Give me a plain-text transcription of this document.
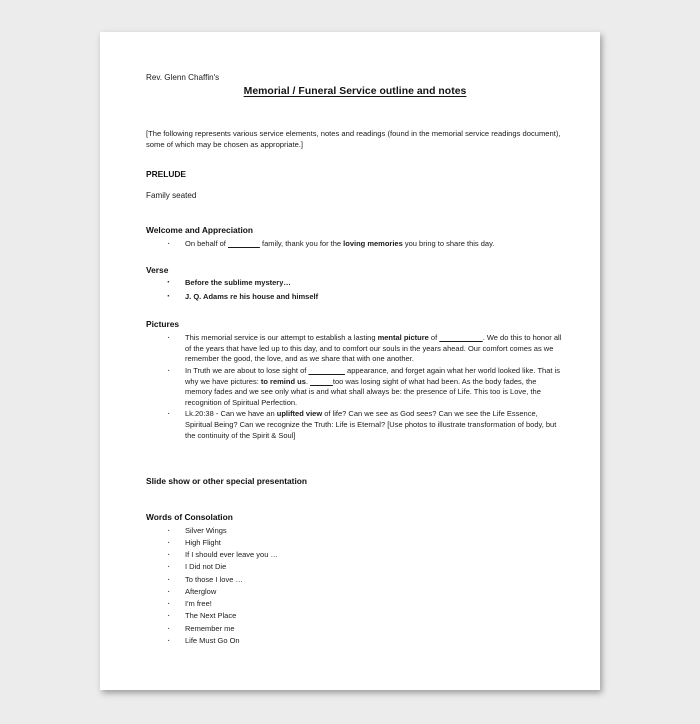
Rev. Glenn Chaffin's

Memorial / Funeral Service outline and notes

[The following represents various service elements, notes and readings (found in the memorial service readings document), some of which may be chosen as appropriate.]

PRELUDE

Family seated

Welcome and Appreciation
· On behalf of	family, thank you for the loving memories you bring to share this day.
Verse
· Before the sublime mystery…
· J. Q. Adams re his house and himself
Pictures
· This memorial service is our attempt to establish a lasting mental picture of	. We do this to honor all of the years that have led up to this day, and to comfort our souls in the years ahead. Our comfort comes as we remember the good, the love, and as we share that with one another.
· In Truth we are about to lose sight of	appearance, and forget again what her world looked like. That is why we have pictures: to remind us.	too was losing sight of what had been. As the body fades, the memory fades and we see only what is and what shall always be: the presence of Life. This too is Love, the recognition of Spiritual Perfection.
· Lk.20:38 - Can we have an uplifted view of life? Can we see as God sees? Can we see the Life Essence, Spiritual Being? Can we recognize the Truth: Life is Eternal? [Use photos to illustrate transformation of body, but the continuity of the Spirit & Soul]
Slide show or other special presentation
Words of Consolation
· Silver Wings
· High Flight
· If I should ever leave you …
· I Did not Die
· To those I love …
· Afterglow
· I'm free!
· The Next Place
· Remember me
· Life Must Go On
